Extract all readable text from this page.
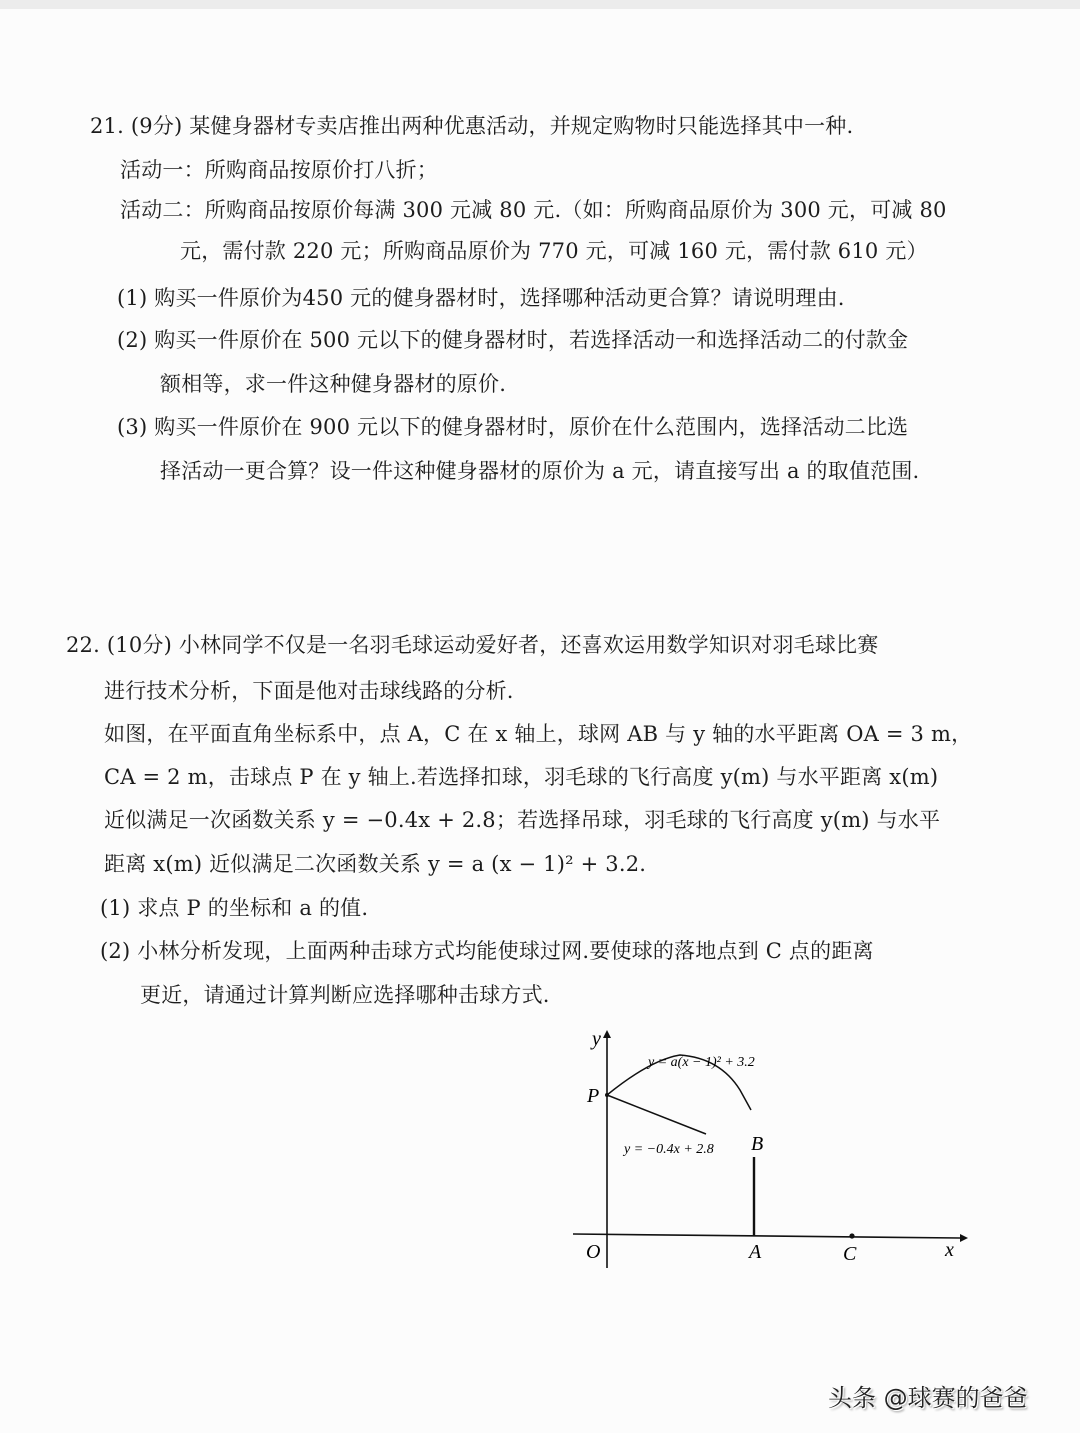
21. (9分) 某健身器材专卖店推出两种优惠活动，并规定购物时只能选择其中一种.
活动一：所购商品按原价打八折；
活动二：所购商品按原价每满 300 元减 80 元.（如：所购商品原价为 300 元，可减 80
元，需付款 220 元；所购商品原价为 770 元，可减 160 元，需付款 610 元）
(1) 购买一件原价为450 元的健身器材时，选择哪种活动更合算？请说明理由.
(2) 购买一件原价在 500 元以下的健身器材时，若选择活动一和选择活动二的付款金
额相等，求一件这种健身器材的原价.
(3) 购买一件原价在 900 元以下的健身器材时，原价在什么范围内，选择活动二比选
择活动一更合算？设一件这种健身器材的原价为 a 元，请直接写出 a 的取值范围.
22. (10分) 小林同学不仅是一名羽毛球运动爱好者，还喜欢运用数学知识对羽毛球比赛
进行技术分析，下面是他对击球线路的分析.
如图，在平面直角坐标系中，点 A，C 在 x 轴上，球网 AB 与 y 轴的水平距离 OA = 3 m，
CA = 2 m，击球点 P 在 y 轴上.若选择扣球，羽毛球的飞行高度 y(m) 与水平距离 x(m)
近似满足一次函数关系 y = −0.4x + 2.8；若选择吊球，羽毛球的飞行高度 y(m) 与水平
距离 x(m) 近似满足二次函数关系 y = a (x − 1)² + 3.2.
(1) 求点 P 的坐标和 a 的值.
(2) 小林分析发现，上面两种击球方式均能使球过网.要使球的落地点到 C 点的距离
更近，请通过计算判断应选择哪种击球方式.
y
x
O
P
A
B
C
y = a(x − 1)² + 3.2
y = −0.4x + 2.8
头条 @球赛的爸爸
